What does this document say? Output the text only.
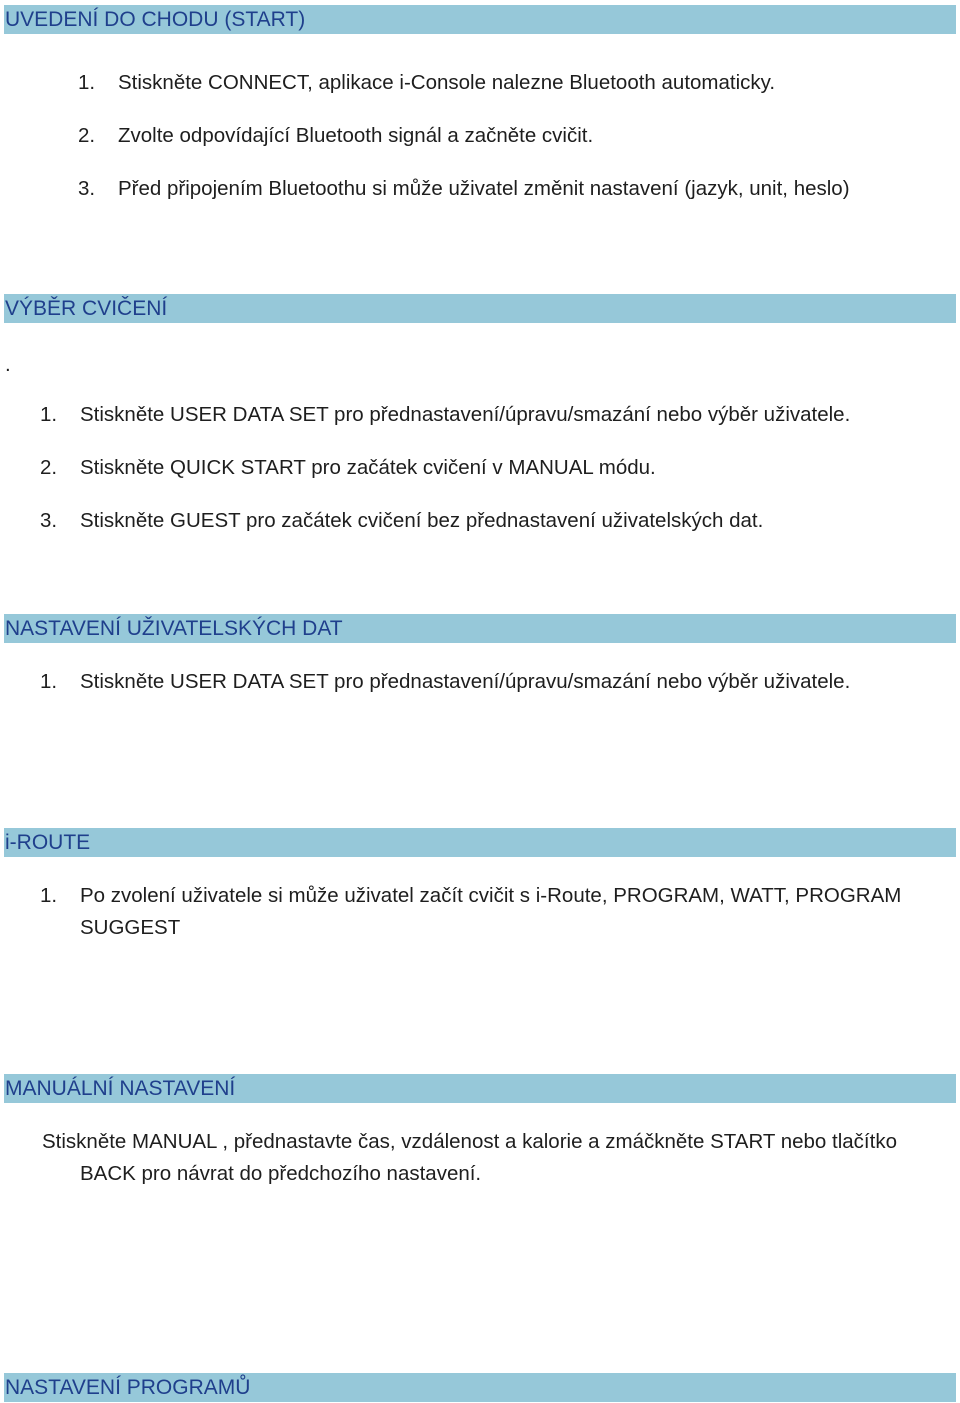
UVEDENÍ DO CHODU (START)
1. Stiskněte CONNECT, aplikace i-Console nalezne Bluetooth automaticky.
2. Zvolte odpovídající Bluetooth signál a začněte cvičit.
3. Před připojením Bluetoothu si může uživatel změnit nastavení (jazyk, unit, heslo)
VÝBĚR CVIČENÍ
.
1. Stiskněte USER DATA SET pro přednastavení/úpravu/smazání nebo výběr uživatele.
2. Stiskněte QUICK START pro začátek cvičení v MANUAL módu.
3. Stiskněte GUEST pro začátek cvičení bez přednastavení uživatelských dat.
NASTAVENÍ UŽIVATELSKÝCH DAT
1. Stiskněte USER DATA SET pro přednastavení/úpravu/smazání nebo výběr uživatele.
i-ROUTE
1. Po zvolení uživatele si může uživatel začít cvičit s i-Route, PROGRAM, WATT, PROGRAM
SUGGEST
MANUÁLNÍ NASTAVENÍ
Stiskněte MANUAL , přednastavte čas, vzdálenost a kalorie a zmáčkněte START nebo tlačítko
BACK pro návrat do předchozího nastavení.
NASTAVENÍ PROGRAMŮ
